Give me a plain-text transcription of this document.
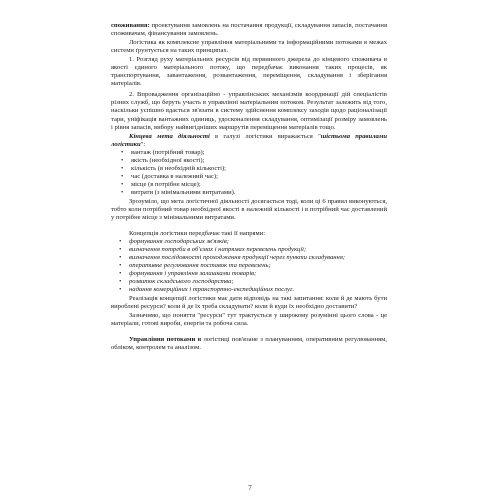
споживання: проектування замовлень на постачання продукції, складування запасів, постачання споживачам, фінансування замовлень.

Логістика як комплексне управління матеріальними та інформаційними потоками в межах системи ґрунтується на таких принципах.

1. Розгляд руху матеріальних ресурсів від первинного джерела до кінцевого споживача в якості єдиного матеріального потоку, що передбачає виконання таких процесів, як транспортування, завантаження, розвантаження, переміщення, складування і зберігання матеріалів.

2. Впровадження організаційно - управлінських механізмів координації дій спеціалістів різних служб, що беруть участь в управлінні матеріальним потоком. Результат залежить від того, наскільки успішно вдається зв'язати в систему здійснення комплексу заходів щодо раціоналізації тари, уніфікація вантажних одиниць, удосконалення складування, оптимізації розміру замовлень і рівня запасів, вибору найвигідніших маршрутів переміщення матеріалів тощо.

Кінцева мета діяльності в галузі логістики виражається "шістьома правилами логістики":

• вантаж (потрібний товар);
• якість (необхідної якості);
• кількість (в необхідній кількості);
• час (доставка в належний час);
• місце (в потрібне місце);
• витрати (з мінімальними витратами).

Зрозуміло, що мета логістичної діяльності досягається тоді, коли ці 6 правил виконуються, тобто коли потрібний товар необхідної якості в належній кількості і в потрібний час доставлений у потрібне місце з мінімальними витратами.

Концепція логістики передбачає такі її напрями:

• формування господарських зв'язків;
• визначення потреби в об'ємах і напрямах перевезень продукції;
• визначення послідовності проходження продукції через пункти складування;
• оперативне регулювання поставок та перевезень;
• формування і управління залишками товарів;
• розвиток складського господарства;
• надання комерційних і транспортно-експедиційних послуг.

Реалізація концепції логістики має дати відповідь на такі запитання: коли й де мають бути вироблені ресурси? коли й де їх треба складувати? коли й куди їх необхідно доставити?

Зазначимо, що поняття "ресурси" тут трактується у широкому розумінні цього слова - це матеріали, готові вироби, енергія та робоча сила.

Управління потоками в логістиці пов'язане з плануванням, оперативним регулюванням, обліком, контролем та аналізом.

7
